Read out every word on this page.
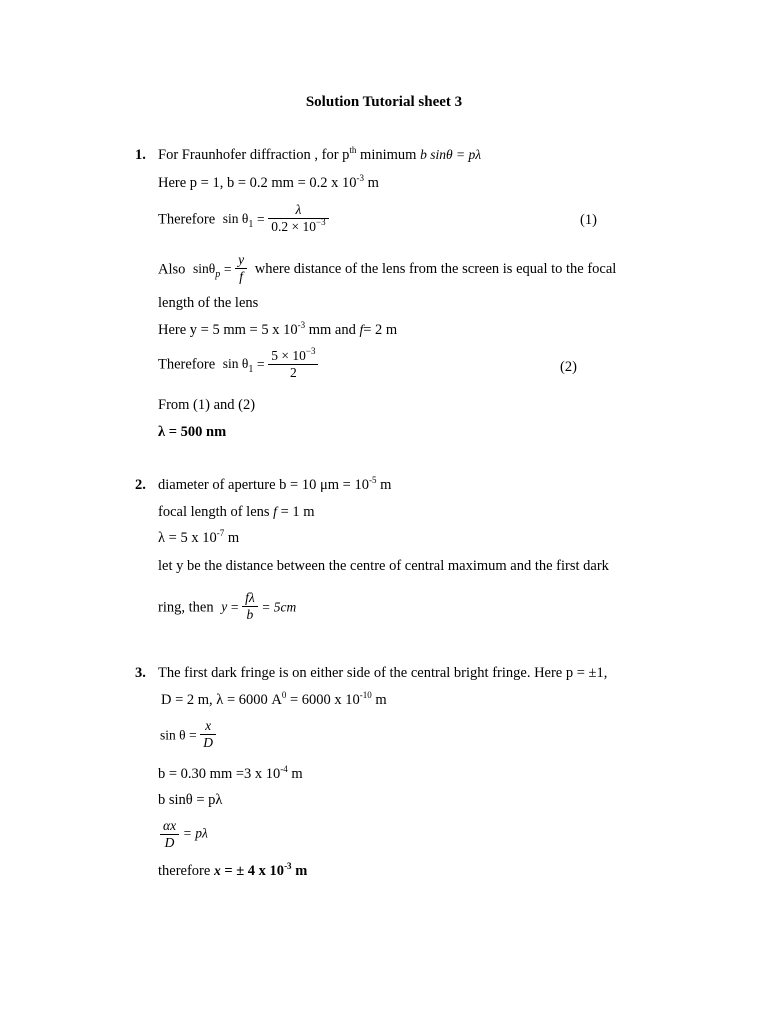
Solution Tutorial sheet 3
1. For Fraunhofer diffraction , for $p^{th}$ minimum b sinθ = pλ
Here p = 1, b = 0.2 mm = 0.2 x $10^{-3}$ m
Therefore $\sin \theta_1 = \frac{\lambda}{0.2 \times 10^{-3}}$	(1)
Also $\sin\theta_p = \frac{y}{f}$ where distance of the lens from the screen is equal to the focal
length of the lens
Here y = 5 mm = 5 x $10^{-3}$ mm and f= 2 m
Therefore $\sin \theta_1 = \frac{5 \times 10^{-3}}{2}$	(2)
From (1) and (2)
λ = 500 nm
2. diameter of aperture b = 10 $\mu m = 10^{-5}$ m
focal length of lens f = 1 m
λ = 5 x $10^{-7}$ m
let y be the distance between the centre of central maximum and the first dark
ring, then $y = \frac{f\lambda}{b} = 5cm$
3. The first dark fringe is on either side of the central bright fringe. Here p = ±1,
D = 2 m, λ = 6000 $A^0 = 6000$ x $10^{-10}$ m
$\sin \theta = \frac{x}{D}$
b = 0.30 mm =3 x $10^{-4}$ m
b sinθ = pλ
$\frac{\alpha x}{D} = p\lambda$
therefore x = ± 4 x $10^{-3}$ m
